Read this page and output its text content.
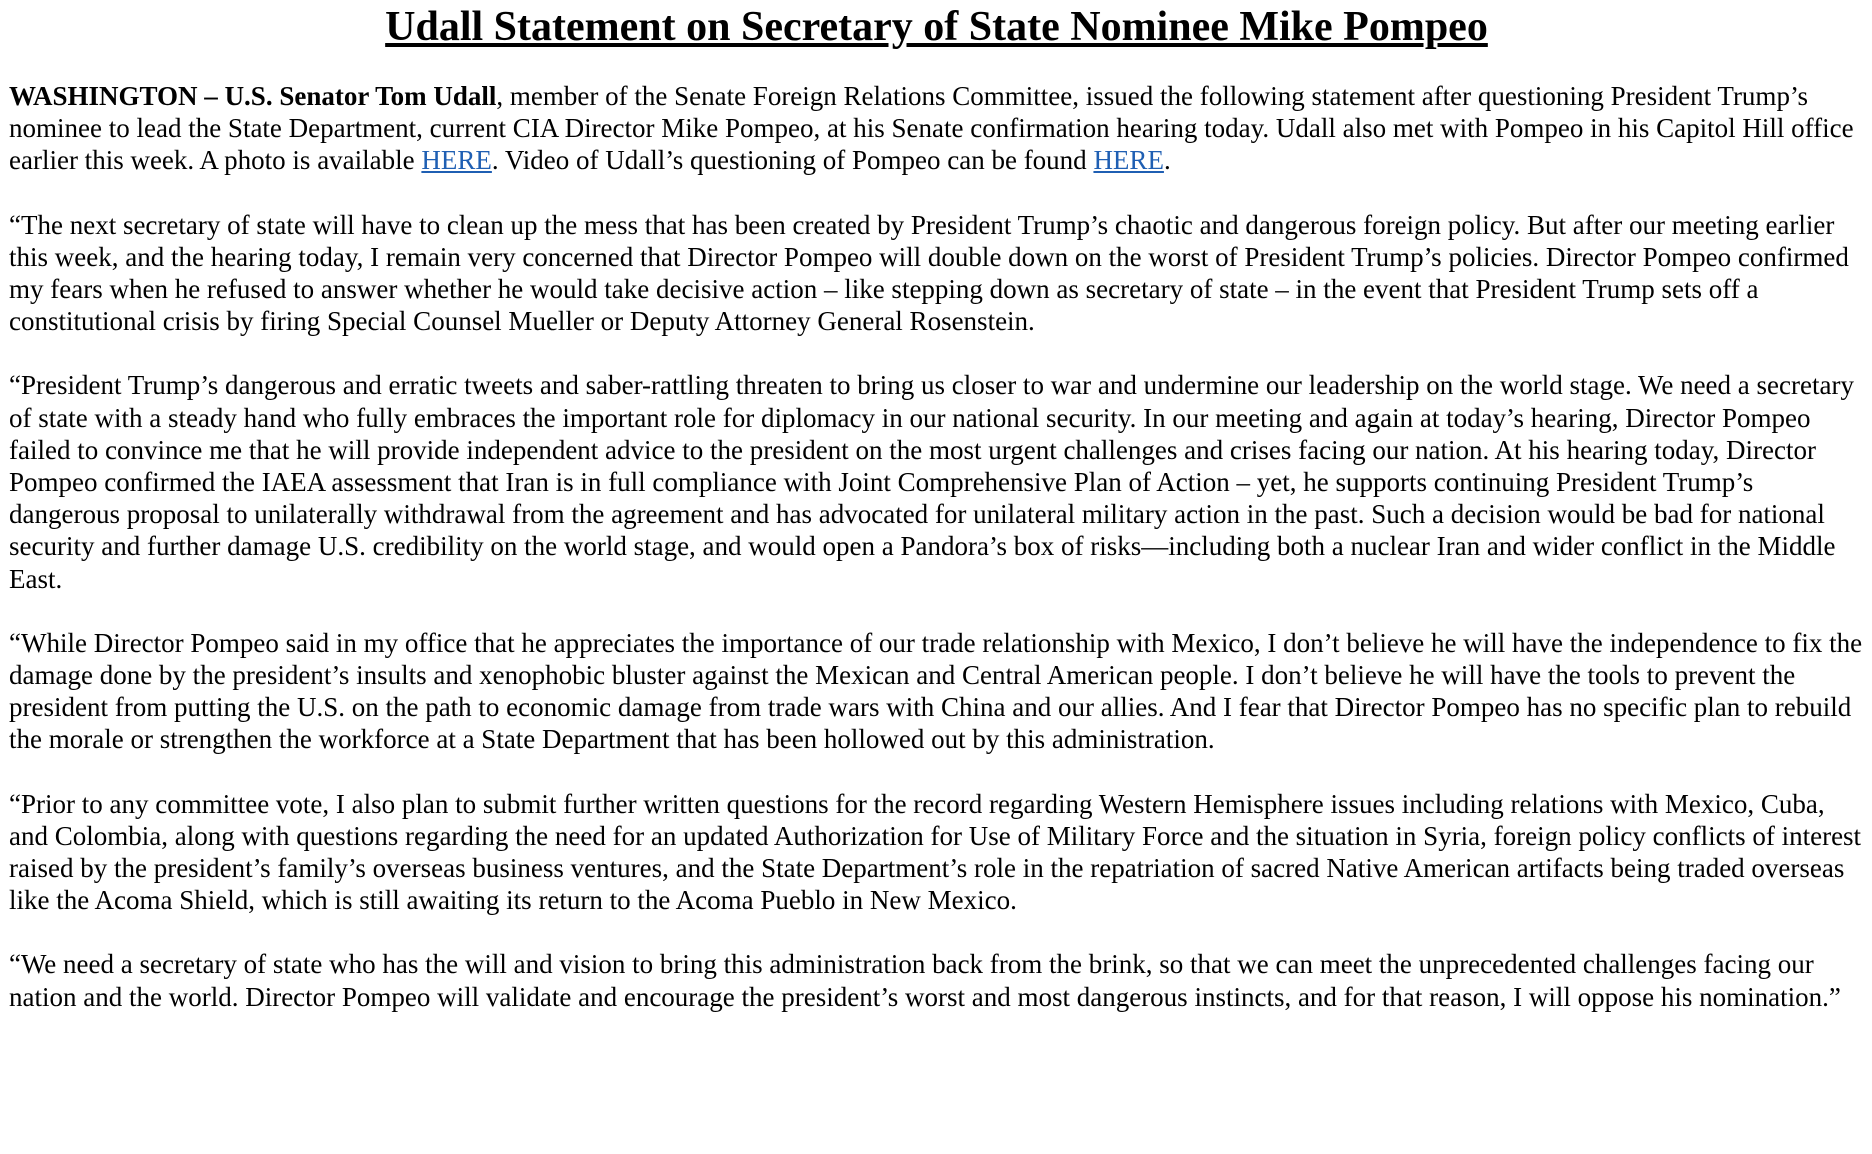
Udall Statement on Secretary of State Nominee Mike Pompeo

WASHINGTON – U.S. Senator Tom Udall, member of the Senate Foreign Relations Committee, issued the following statement after questioning President Trump’s nominee to lead the State Department, current CIA Director Mike Pompeo, at his Senate confirmation hearing today. Udall also met with Pompeo in his Capitol Hill office earlier this week. A photo is available HERE. Video of Udall’s questioning of Pompeo can be found HERE.

“The next secretary of state will have to clean up the mess that has been created by President Trump’s chaotic and dangerous foreign policy. But after our meeting earlier this week, and the hearing today, I remain very concerned that Director Pompeo will double down on the worst of President Trump’s policies. Director Pompeo confirmed my fears when he refused to answer whether he would take decisive action – like stepping down as secretary of state – in the event that President Trump sets off a constitutional crisis by firing Special Counsel Mueller or Deputy Attorney General Rosenstein.

“President Trump’s dangerous and erratic tweets and saber-rattling threaten to bring us closer to war and undermine our leadership on the world stage. We need a secretary of state with a steady hand who fully embraces the important role for diplomacy in our national security. In our meeting and again at today’s hearing, Director Pompeo failed to convince me that he will provide independent advice to the president on the most urgent challenges and crises facing our nation. At his hearing today, Director Pompeo confirmed the IAEA assessment that Iran is in full compliance with Joint Comprehensive Plan of Action – yet, he supports continuing President Trump’s dangerous proposal to unilaterally withdrawal from the agreement and has advocated for unilateral military action in the past. Such a decision would be bad for national security and further damage U.S. credibility on the world stage, and would open a Pandora’s box of risks—including both a nuclear Iran and wider conflict in the Middle East.

“While Director Pompeo said in my office that he appreciates the importance of our trade relationship with Mexico, I don’t believe he will have the independence to fix the damage done by the president’s insults and xenophobic bluster against the Mexican and Central American people. I don’t believe he will have the tools to prevent the president from putting the U.S. on the path to economic damage from trade wars with China and our allies. And I fear that Director Pompeo has no specific plan to rebuild the morale or strengthen the workforce at a State Department that has been hollowed out by this administration.

“Prior to any committee vote, I also plan to submit further written questions for the record regarding Western Hemisphere issues including relations with Mexico, Cuba, and Colombia, along with questions regarding the need for an updated Authorization for Use of Military Force and the situation in Syria, foreign policy conflicts of interest raised by the president’s family’s overseas business ventures, and the State Department’s role in the repatriation of sacred Native American artifacts being traded overseas like the Acoma Shield, which is still awaiting its return to the Acoma Pueblo in New Mexico.

“We need a secretary of state who has the will and vision to bring this administration back from the brink, so that we can meet the unprecedented challenges facing our nation and the world. Director Pompeo will validate and encourage the president’s worst and most dangerous instincts, and for that reason, I will oppose his nomination.”
